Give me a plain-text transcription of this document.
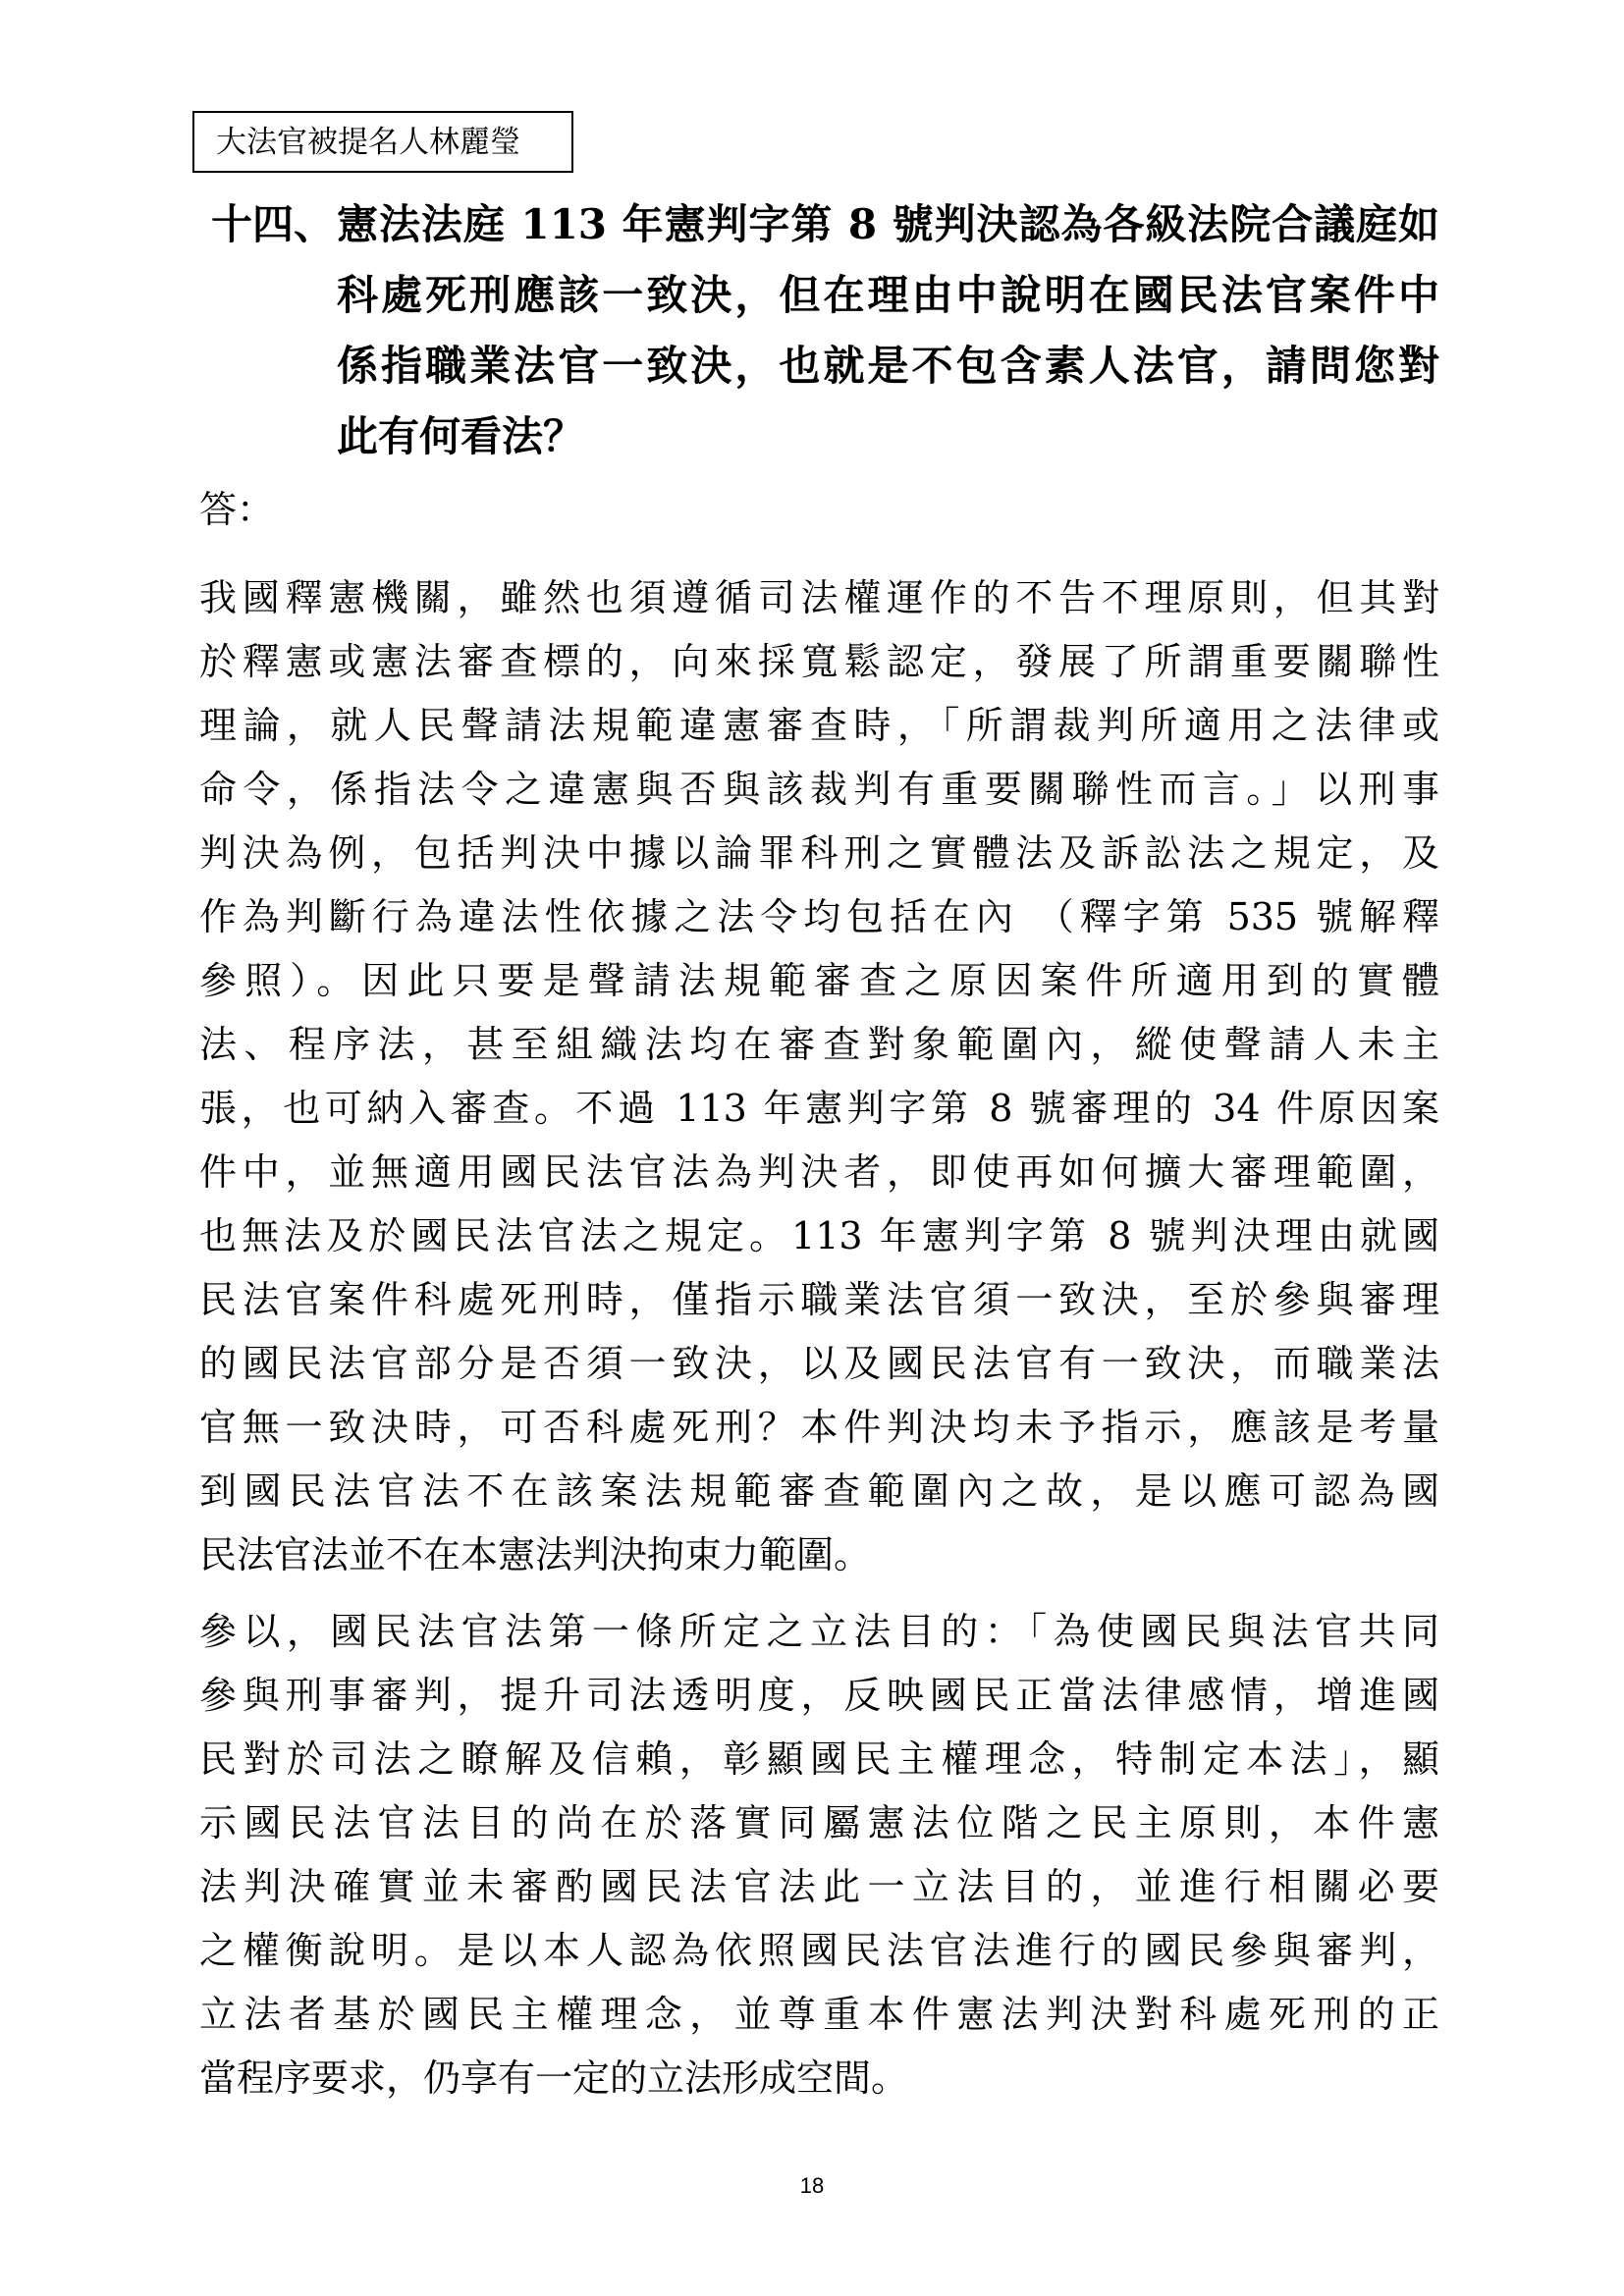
大法官被提名人林麗瑩
十四、 憲法法庭 113 年憲判字第 8 號判決認為各級法院合議庭如
科處死刑應該一致決，但在理由中說明在國民法官案件中
係指職業法官一致決，也就是不包含素人法官，請問您對
此有何看法？
答：
我國釋憲機關，雖然也須遵循司法權運作的不告不理原則，但其對
於釋憲或憲法審查標的，向來採寬鬆認定，發展了所謂重要關聯性
理論，就人民聲請法規範違憲審查時，「所謂裁判所適用之法律或
命令，係指法令之違憲與否與該裁判有重要關聯性而言。」以刑事
判決為例，包括判決中據以論罪科刑之實體法及訴訟法之規定，及
作為判斷行為違法性依據之法令均包括在內 （釋字第 535 號解釋
參照）。因此只要是聲請法規範審查之原因案件所適用到的實體
法、程序法，甚至組織法均在審查對象範圍內，縱使聲請人未主
張，也可納入審查。不過 113 年憲判字第 8 號審理的 34 件原因案
件中，並無適用國民法官法為判決者，即使再如何擴大審理範圍，
也無法及於國民法官法之規定。113 年憲判字第 8 號判決理由就國
民法官案件科處死刑時，僅指示職業法官須一致決，至於參與審理
的國民法官部分是否須一致決，以及國民法官有一致決，而職業法
官無一致決時，可否科處死刑？本件判決均未予指示，應該是考量
到國民法官法不在該案法規範審查範圍內之故，是以應可認為國
民法官法並不在本憲法判決拘束力範圍。
參以，國民法官法第一條所定之立法目的：「為使國民與法官共同
參與刑事審判，提升司法透明度，反映國民正當法律感情，增進國
民對於司法之瞭解及信賴，彰顯國民主權理念，特制定本法」，顯
示國民法官法目的尚在於落實同屬憲法位階之民主原則，本件憲
法判決確實並未審酌國民法官法此一立法目的，並進行相關必要
之權衡說明。是以本人認為依照國民法官法進行的國民參與審判，
立法者基於國民主權理念，並尊重本件憲法判決對科處死刑的正
當程序要求，仍享有一定的立法形成空間。
18
